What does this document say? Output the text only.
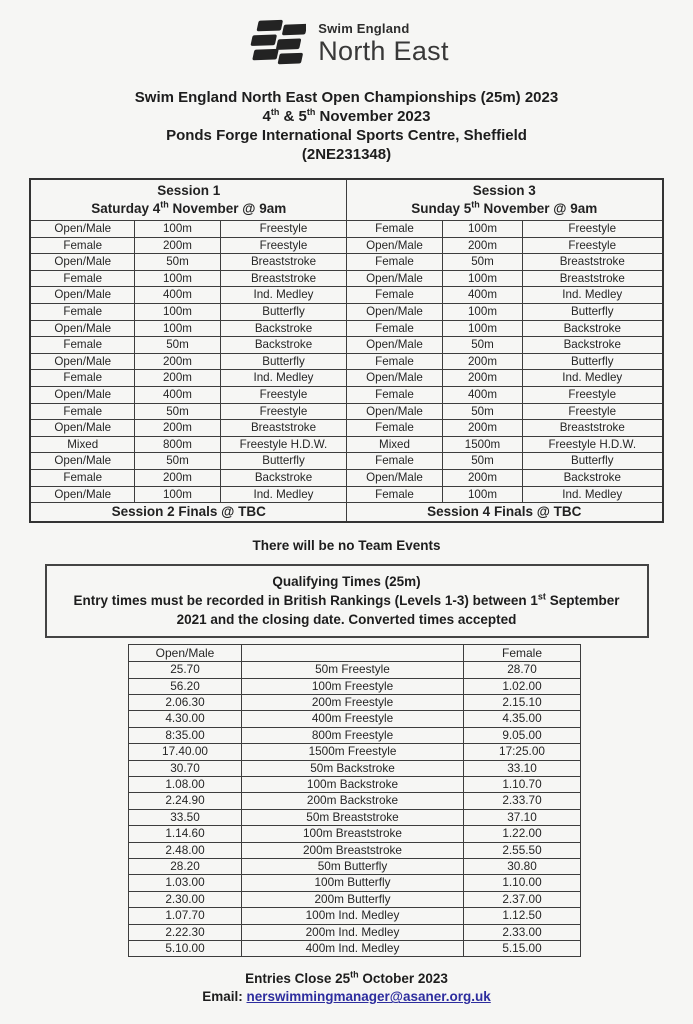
Swim England
North East
Swim England North East Open Championships (25m) 2023
4th & 5th November 2023
Ponds Forge International Sports Centre, Sheffield
(2NE231348)
Session 1
Saturday 4th November @ 9am

Session 3
Sunday 5th November @ 9am

Open/Male	100m	Freestyle	Female	100m	Freestyle
Female	200m	Freestyle	Open/Male	200m	Freestyle
Open/Male	50m	Breaststroke	Female	50m	Breaststroke
Female	100m	Breaststroke	Open/Male	100m	Breaststroke
Open/Male	400m	Ind. Medley	Female	400m	Ind. Medley
Female	100m	Butterfly	Open/Male	100m	Butterfly
Open/Male	100m	Backstroke	Female	100m	Backstroke
Female	50m	Backstroke	Open/Male	50m	Backstroke
Open/Male	200m	Butterfly	Female	200m	Butterfly
Female	200m	Ind. Medley	Open/Male	200m	Ind. Medley
Open/Male	400m	Freestyle	Female	400m	Freestyle
Female	50m	Freestyle	Open/Male	50m	Freestyle
Open/Male	200m	Breaststroke	Female	200m	Breaststroke
Mixed	800m	Freestyle H.D.W.	Mixed	1500m	Freestyle H.D.W.
Open/Male	50m	Butterfly	Female	50m	Butterfly
Female	200m	Backstroke	Open/Male	200m	Backstroke
Open/Male	100m	Ind. Medley	Female	100m	Ind. Medley
Session 2 Finals @ TBC			Session 4 Finals @ TBC		
There will be no Team Events
Qualifying Times (25m)
Entry times must be recorded in British Rankings (Levels 1-3) between 1st September 2021 and the closing date. Converted times accepted
Open/Male		Female
25.70	50m Freestyle	28.70
56.20	100m Freestyle	1.02.00
2.06.30	200m Freestyle	2.15.10
4.30.00	400m Freestyle	4.35.00
8:35.00	800m Freestyle	9.05.00
17.40.00	1500m Freestyle	17:25.00
30.70	50m Backstroke	33.10
1.08.00	100m Backstroke	1.10.70
2.24.90	200m Backstroke	2.33.70
33.50	50m Breaststroke	37.10
1.14.60	100m Breaststroke	1.22.00
2.48.00	200m Breaststroke	2.55.50
28.20	50m Butterfly	30.80
1.03.00	100m Butterfly	1.10.00
2.30.00	200m Butterfly	2.37.00
1.07.70	100m Ind. Medley	1.12.50
2.22.30	200m Ind. Medley	2.33.00
5.10.00	400m Ind. Medley	5.15.00
Entries Close 25th October 2023
Email: nerswimmingmanager@asaner.org.uk
